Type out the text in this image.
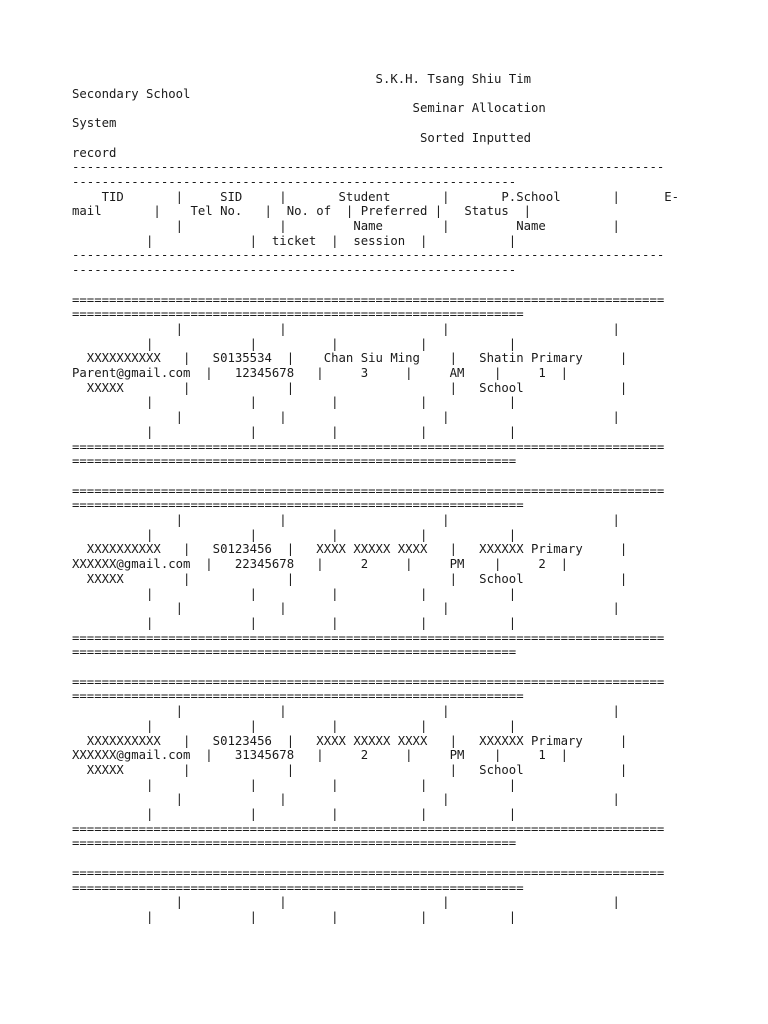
S.K.H. Tsang Shiu Tim
Secondary School
Seminar Allocation
System
Sorted Inputted
record
--------------------------------------------------------------------------------
------------------------------------------------------------
TID       |     SID     |       Student       |       P.School       |      E-
mail       |    Tel No.   |  No. of  | Preferred |   Status  |
|             |         Name        |         Name         |
|             |  ticket  |  session  |           |
--------------------------------------------------------------------------------
------------------------------------------------------------
================================================================================
=============================================================
|             |                     |                      |
|             |          |           |           |
XXXXXXXXXX   |   S0135534  |    Chan Siu Ming    |   Shatin Primary     |
Parent@gmail.com  |   12345678   |     3     |     AM    |     1  |
XXXXX        |             |                     |   School             |
|             |          |           |           |
|             |                     |                      |
|             |          |           |           |
================================================================================
============================================================
================================================================================
=============================================================
|             |                     |                      |
|             |          |           |           |
XXXXXXXXXX   |   S0123456  |   XXXX XXXXX XXXX   |   XXXXXX Primary     |
XXXXXX@gmail.com  |   22345678   |     2     |     PM    |     2  |
XXXXX        |             |                     |   School             |
|             |          |           |           |
|             |                     |                      |
|             |          |           |           |
================================================================================
============================================================
================================================================================
=============================================================
|             |                     |                      |
|             |          |           |           |
XXXXXXXXXX   |   S0123456  |   XXXX XXXXX XXXX   |   XXXXXX Primary     |
XXXXXX@gmail.com  |   31345678   |     2     |     PM    |     1  |
XXXXX        |             |                     |   School             |
|             |          |           |           |
|             |                     |                      |
|             |          |           |           |
================================================================================
============================================================
================================================================================
=============================================================
|             |                     |                      |
|             |          |           |           |
